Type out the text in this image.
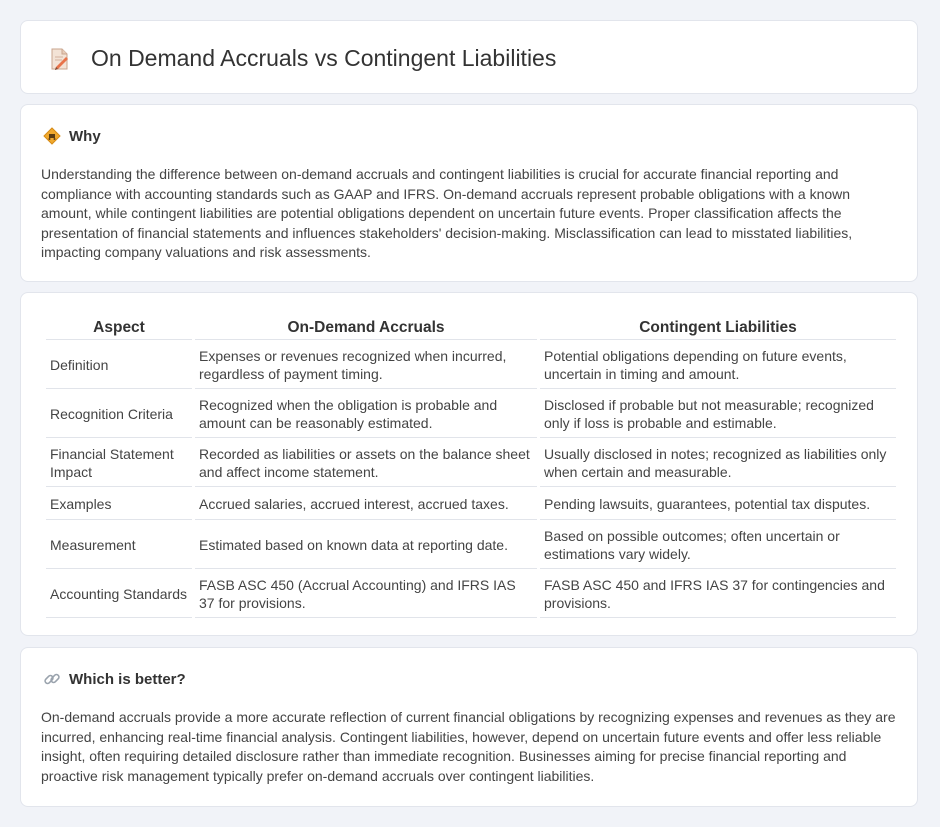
On Demand Accruals vs Contingent Liabilities
Why

Understanding the difference between on-demand accruals and contingent liabilities is crucial for accurate financial reporting and compliance with accounting standards such as GAAP and IFRS. On-demand accruals represent probable obligations with a known amount, while contingent liabilities are potential obligations dependent on uncertain future events. Proper classification affects the presentation of financial statements and influences stakeholders' decision-making. Misclassification can lead to misstated liabilities, impacting company valuations and risk assessments.

Aspect	On-Demand Accruals	Contingent Liabilities
Definition	Expenses or revenues recognized when incurred, regardless of payment timing.	Potential obligations depending on future events, uncertain in timing and amount.
Recognition Criteria	Recognized when the obligation is probable and amount can be reasonably estimated.	Disclosed if probable but not measurable; recognized only if loss is probable and estimable.
Financial Statement Impact	Recorded as liabilities or assets on the balance sheet and affect income statement.	Usually disclosed in notes; recognized as liabilities only when certain and measurable.
Examples	Accrued salaries, accrued interest, accrued taxes.	Pending lawsuits, guarantees, potential tax disputes.
Measurement	Estimated based on known data at reporting date.	Based on possible outcomes; often uncertain or estimations vary widely.
Accounting Standards	FASB ASC 450 (Accrual Accounting) and IFRS IAS 37 for provisions.	FASB ASC 450 and IFRS IAS 37 for contingencies and provisions.
Which is better?

On-demand accruals provide a more accurate reflection of current financial obligations by recognizing expenses and revenues as they are incurred, enhancing real-time financial analysis. Contingent liabilities, however, depend on uncertain future events and offer less reliable insight, often requiring detailed disclosure rather than immediate recognition. Businesses aiming for precise financial reporting and proactive risk management typically prefer on-demand accruals over contingent liabilities.
